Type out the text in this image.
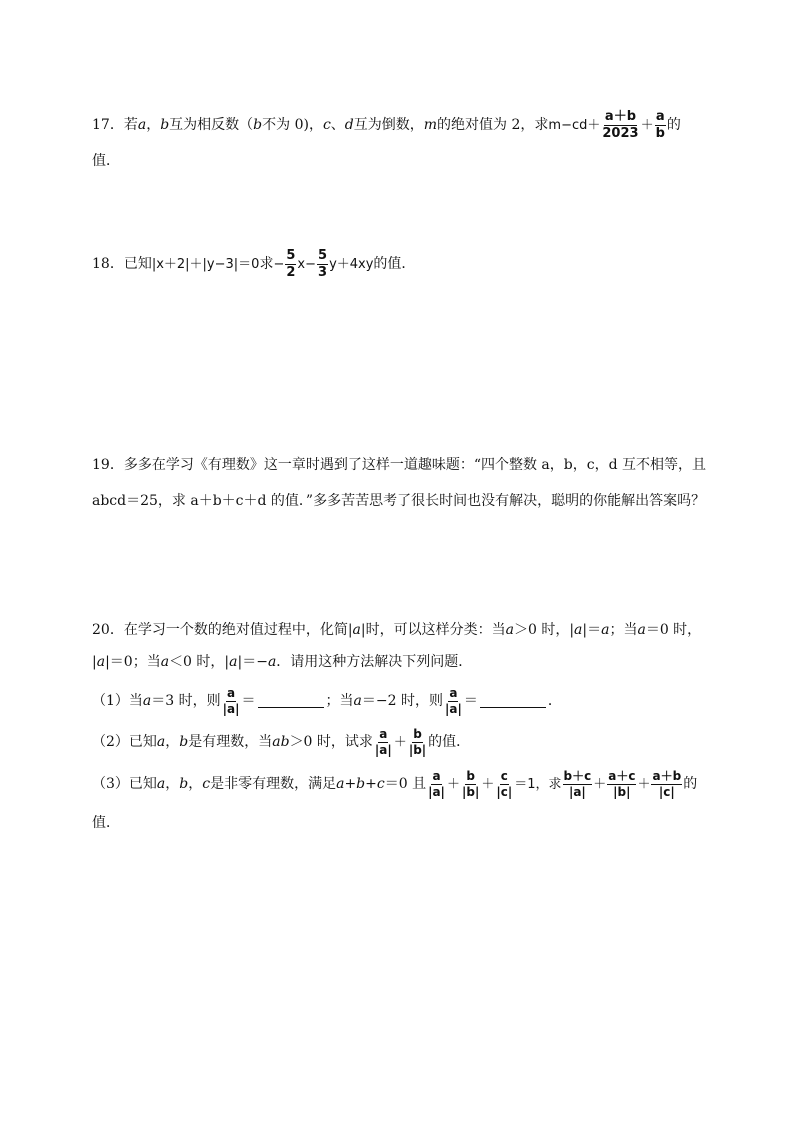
17． 若 a ， b 互为相反数（ b 不为 0)， c 、 d 互为倒数， m 的绝对值为 2，求 $m-cd+ \frac{a+b}{2023} + \frac{a}{b}$ 的
值．
18． 已知 |x＋2|＋|y−3|＝0 求 − $\frac{5}{2}$ $x - \frac{5}{3} y+4xy$ 的值．
19． 多多在学习《有理数》这一章时遇到了这样一道趣味题：“四个整数 a，b，c，d 互不相等，且
abcd＝25，求 a＋b＋c＋d 的值．”多多苦苦思考了很长时间也没有解决，聪明的你能解出答案吗？
20． 在学习一个数的绝对值过程中，化简 |a| 时，可以这样分类：当 a ＞0 时， |a| ＝ a ；当 a ＝0 时，
|a| ＝0；当 a ＜0 时， |a| ＝− a ．请用这种方法解决下列问题．
（1）当 a ＝3 时，则 $\frac{a}{|a|}$ ＝	；当 a ＝−2 时，则 $\frac{a}{|a|}$ ＝	．
（2）已知 a ， b 是有理数，当 ab ＞0 时，试求 $\frac{a}{|a|} + \frac{b}{|b|}$ 的值．
（3）已知 a ， b ， c 是非零有理数，满足 a+b+c ＝0 且 $\frac{a}{|a|} + \frac{b}{|b|} + \frac{c}{|c|} =1$，求 $\frac{b+c}{|a|} + \frac{a+c}{|b|} + \frac{a+b}{|c|}$ 的
值．
